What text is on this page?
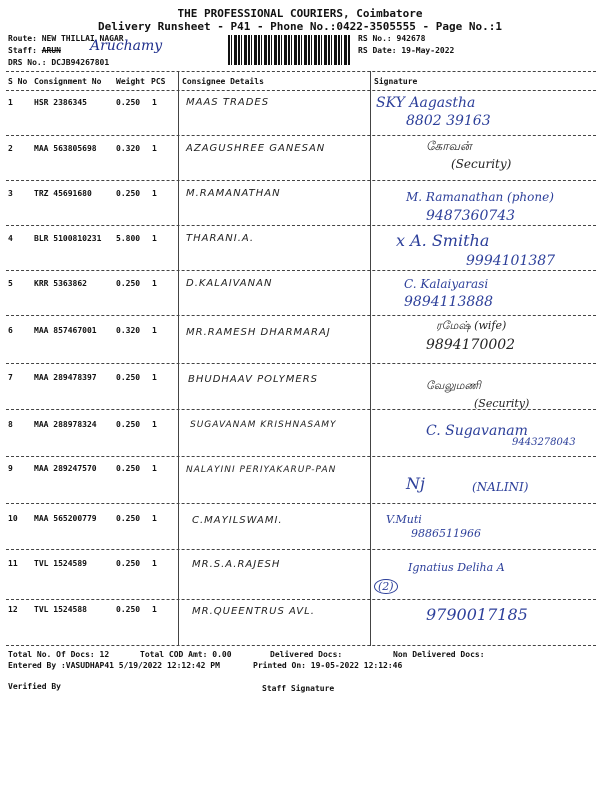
THE PROFESSIONAL COURIERS, Coimbatore
Delivery Runsheet - P41 - Phone No.:0422-3505555 - Page No.:1
Route: NEW THILLAI NAGAR
Staff: ARUN Aruchamy
DRS No.: DCJB94267801
RS No.: 942678
RS Date: 19-May-2022
S No Consignment No Weight PCS Consignee Details	Signature
1	HSR 2386345	0.250 1	MAAS TRADES	SKY Aagastha
8802 39163
2	MAA 563805698 0.320 1	AZAGUSHREE GANESAN	கோவன்
(Security)
3	TRZ 45691680	0.250 1	M.RAMANATHAN	M. Ramanathan (phone)
9487360743
4	BLR 5100810231 5.800 1	THARANI.A.	x A. Smitha
9994101387
5	KRR 5363862	0.250 1	D.KALAIVANAN	C. Kalaiyarasi
9894113888
6	MAA 857467001 0.320 1	MR.RAMESH DHARMARAJ
ரமேஷ் (wife)
9894170002
7	MAA 289478397 0.250 1	BHUDHAAV POLYMERS	வேலுமணி
(Security)
8	MAA 288978324 0.250 1	SUGAVANAM KRISHNASAMY	C. Sugavanam
9443278043
9	MAA 289247570 0.250 1	NALAYINI PERIYAKARUP-PAN
Nj	(NALINI)
10 MAA 565200779 0.250 1	C.MAYILSWAMI.	V.Muti
9886511966
11 TVL 1524589	0.250 1	MR.S.A.RAJESH	Ignatius Deliha A
(2)
12 TVL 1524588	0.250 1	MR.QUEENTRUS AVL.	9790017185
Total No. Of Docs: 12	Total COD Amt: 0.00	Delivered Docs:	Non Delivered Docs:
Entered By :VASUDHAP41 5/19/2022 12:12:42 PM	Printed On: 19-05-2022 12:12:46
Verified By	Staff Signature
